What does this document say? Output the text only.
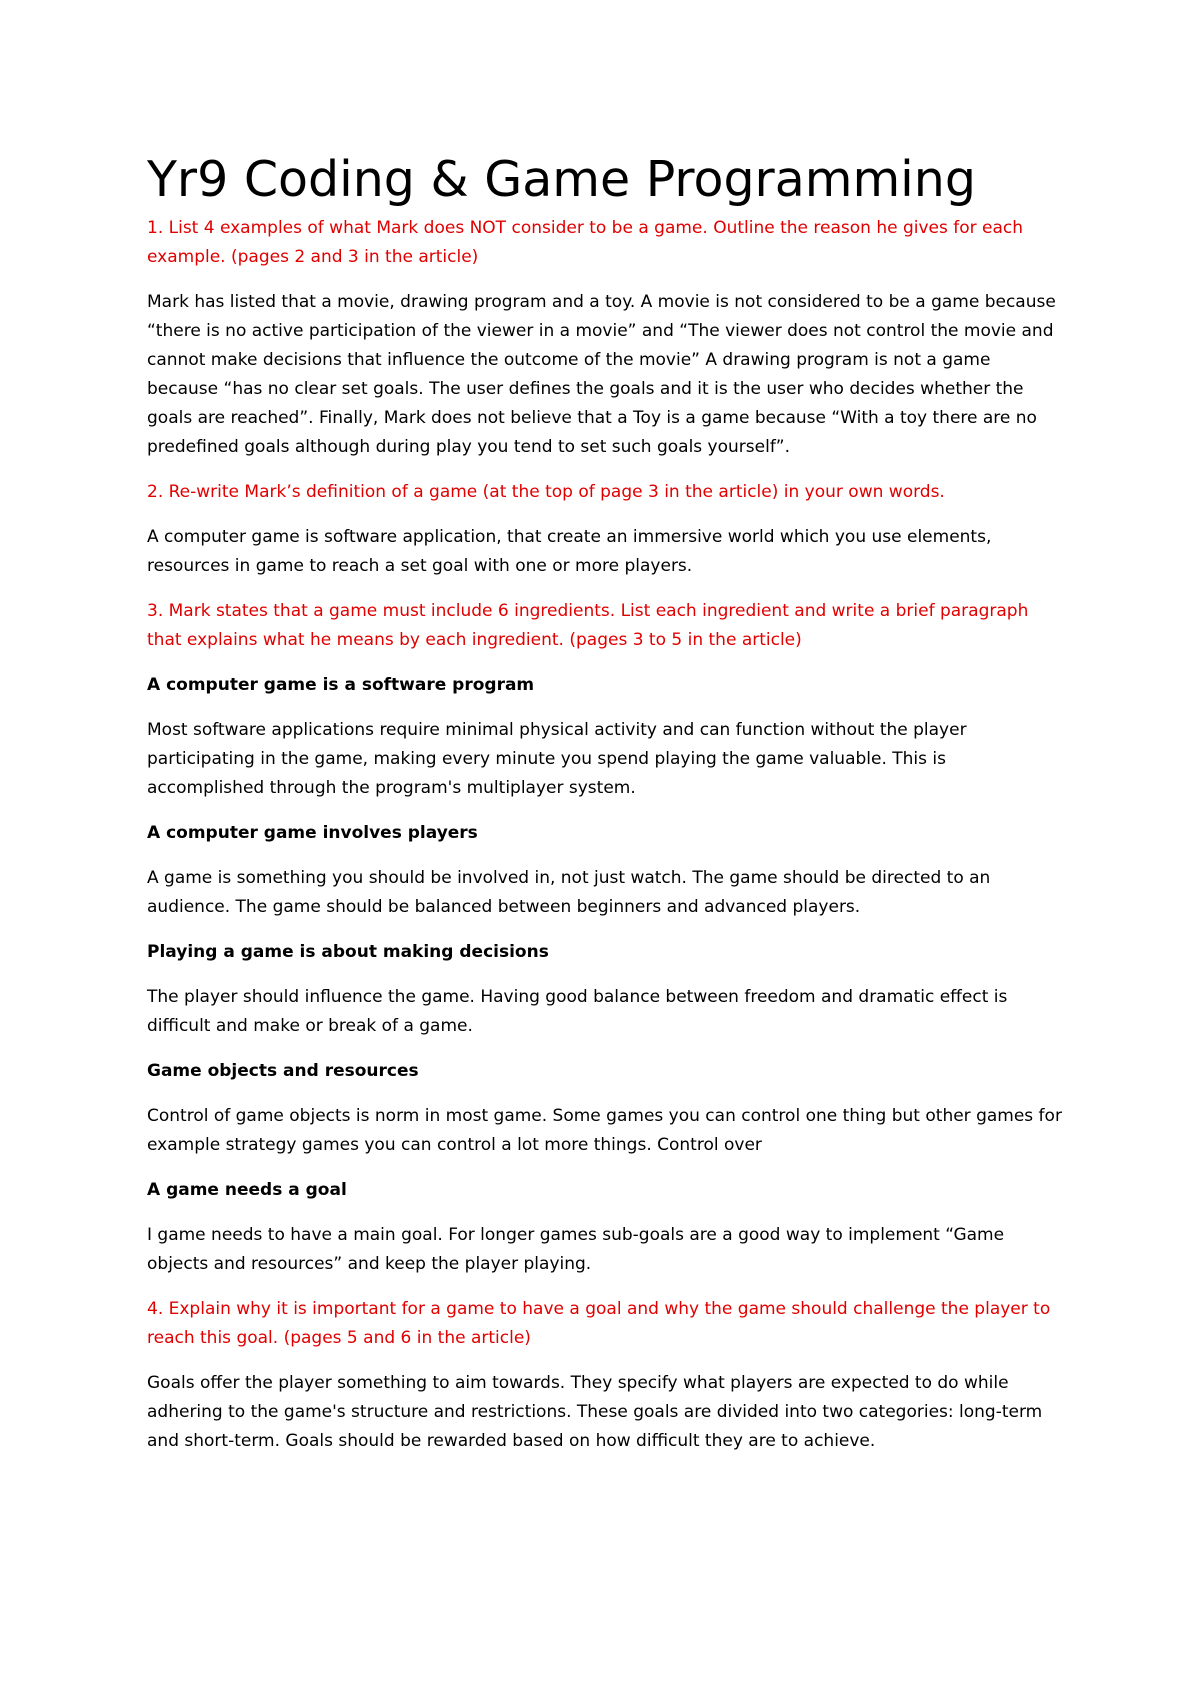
Yr9 Coding & Game Programming

1. List 4 examples of what Mark does NOT consider to be a game. Outline the reason he gives for each example. (pages 2 and 3 in the article)

Mark has listed that a movie, drawing program and a toy. A movie is not considered to be a game because “there is no active participation of the viewer in a movie” and “The viewer does not control the movie and cannot make decisions that influence the outcome of the movie” A drawing program is not a game because “has no clear set goals. The user defines the goals and it is the user who decides whether the goals are reached”. Finally, Mark does not believe that a Toy is a game because “With a toy there are no predefined goals although during play you tend to set such goals yourself”.

2. Re-write Mark’s definition of a game (at the top of page 3 in the article) in your own words.

A computer game is software application, that create an immersive world which you use elements, resources in game to reach a set goal with one or more players.

3. Mark states that a game must include 6 ingredients. List each ingredient and write a brief paragraph that explains what he means by each ingredient. (pages 3 to 5 in the article)

A computer game is a software program

Most software applications require minimal physical activity and can function without the player participating in the game, making every minute you spend playing the game valuable. This is accomplished through the program's multiplayer system.

A computer game involves players

A game is something you should be involved in, not just watch. The game should be directed to an audience. The game should be balanced between beginners and advanced players.

Playing a game is about making decisions

The player should influence the game. Having good balance between freedom and dramatic effect is difficult and make or break of a game.

Game objects and resources

Control of game objects is norm in most game. Some games you can control one thing but other games for example strategy games you can control a lot more things. Control over

A game needs a goal

I game needs to have a main goal. For longer games sub-goals are a good way to implement “Game objects and resources” and keep the player playing.

4. Explain why it is important for a game to have a goal and why the game should challenge the player to reach this goal. (pages 5 and 6 in the article)

Goals offer the player something to aim towards. They specify what players are expected to do while adhering to the game's structure and restrictions. These goals are divided into two categories: long-term and short-term. Goals should be rewarded based on how difficult they are to achieve.
